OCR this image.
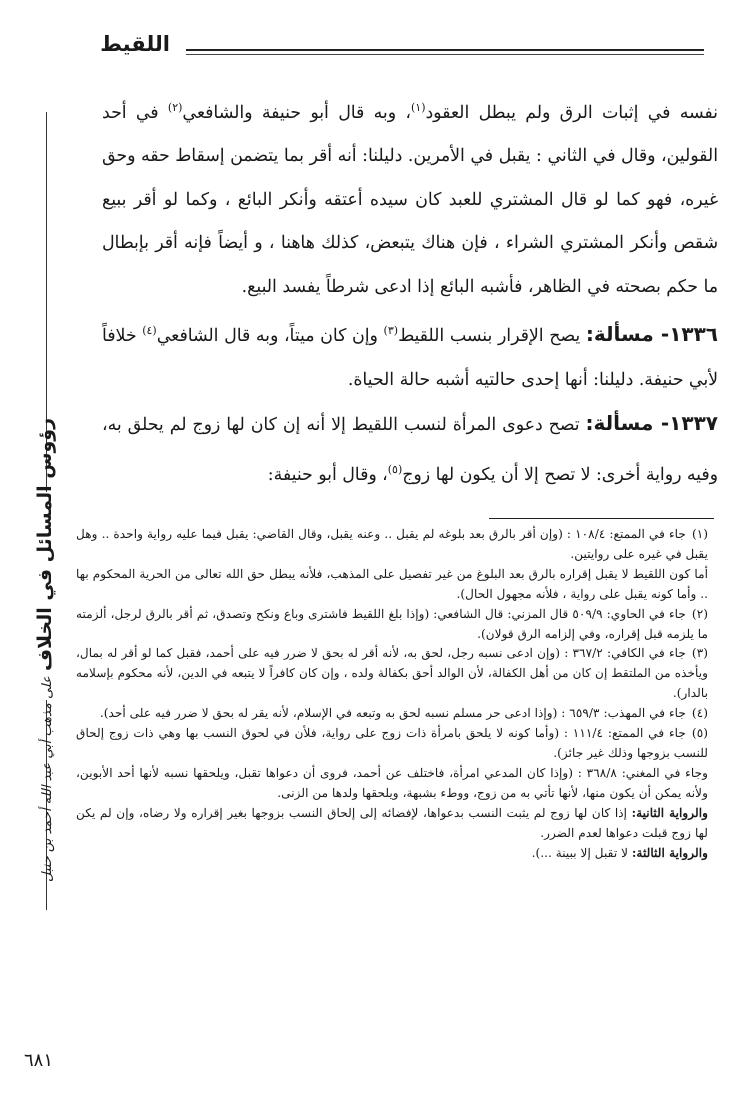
اللقيط
رؤوس المسائل في الخلاف على مذهب أبي عبد الله أحمد بن حنبل

نفسه في إثبات الرق ولم يبطل العقود$^{(١)}$، وبه قال أبو حنيفة والشافعي$^{(٢)}$ في أحد القولين، وقال في الثاني : يقبل في الأمرين. دليلنا: أنه أقر بما يتضمن إسقاط حقه وحق غيره، فهو كما لو قال المشتري للعبد كان سيده أعتقه وأنكر البائع ، وكما لو أقر ببيع شقص وأنكر المشتري الشراء ، فإن هناك يتبعض، كذلك هاهنا ، و أيضاً فإنه أقر بإبطال ما حكم بصحته في الظاهر، فأشبه البائع إذا ادعى شرطاً يفسد البيع.

١٣٣٦- مسألة: يصح الإقرار بنسب اللقيط$^{(٣)}$ وإن كان ميتاً، وبه قال الشافعي$^{(٤)}$ خلافاً لأبي حنيفة. دليلنا: أنها إحدى حالتيه أشبه حالة الحياة.

١٣٣٧- مسألة: تصح دعوى المرأة لنسب اللقيط إلا أنه إن كان لها زوج لم يحلق به، وفيه رواية أخرى: لا تصح إلا أن يكون لها زوج$^{(٥)}$، وقال أبو حنيفة:

(١)جاء في الممتع: ١٠٨/٤ : (وإن أقر بالرق بعد بلوغه لم يقبل .. وعنه يقبل، وقال القاضي: يقبل فيما عليه رواية واحدة .. وهل يقبل في غيره على روايتين.

أما كون اللقيط لا يقبل إقراره بالرق بعد البلوغ من غير تفصيل على المذهب، فلأنه يبطل حق الله تعالى من الحرية المحكوم بها .. وأما كونه يقبل على رواية ، فلأنه مجهول الحال).

(٢)جاء في الحاوي: ٥٠٩/٩ قال المزني: قال الشافعي: (وإذا بلغ اللقيط فاشترى وباع ونكح وتصدق، ثم أقر بالرق لرجل، ألزمته ما يلزمه قبل إقراره، وفي إلزامه الرق قولان).

(٣)جاء في الكافي: ٣٦٧/٢ : (وإن ادعى نسبه رجل، لحق به، لأنه أقر له بحق لا ضرر فيه على أحمد، فقبل كما لو أقر له بمال، ويأخذه من الملتقط إن كان من أهل الكفالة، لأن الوالد أحق بكفالة ولده ، وإن كان كافراً لا يتبعه في الدين، لأنه محكوم بإسلامه بالدار).

(٤)جاء في المهذب: ٦٥٩/٣ : (وإذا ادعى حر مسلم نسبه لحق به وتبعه في الإسلام، لأنه يقر له بحق لا ضرر فيه على أحد).

(٥)جاء في الممتع: ١١١/٤ : (وأما كونه لا يلحق بامرأة ذات زوج على رواية، فلأن في لحوق النسب بها وهي ذات زوج إلحاق للنسب بزوجها وذلك غير جائز).

وجاء في المغني: ٣٦٨/٨ : (وإذا كان المدعي امرأة، فاختلف عن أحمد، فروى أن دعواها تقبل، ويلحقها نسبه لأنها أحد الأبوين، ولأنه يمكن أن يكون منها، لأنها تأتي به من زوج، ووطء بشبهة، ويلحقها ولدها من الزنى.

والرواية الثانية: إذا كان لها زوج لم يثبت النسب بدعواها، لإفضائه إلى إلحاق النسب بزوجها بغير إقراره ولا رضاه، وإن لم يكن لها زوج قبلت دعواها لعدم الضرر.

والرواية الثالثة: لا تقبل إلا ببينة ...).

٦٨١
